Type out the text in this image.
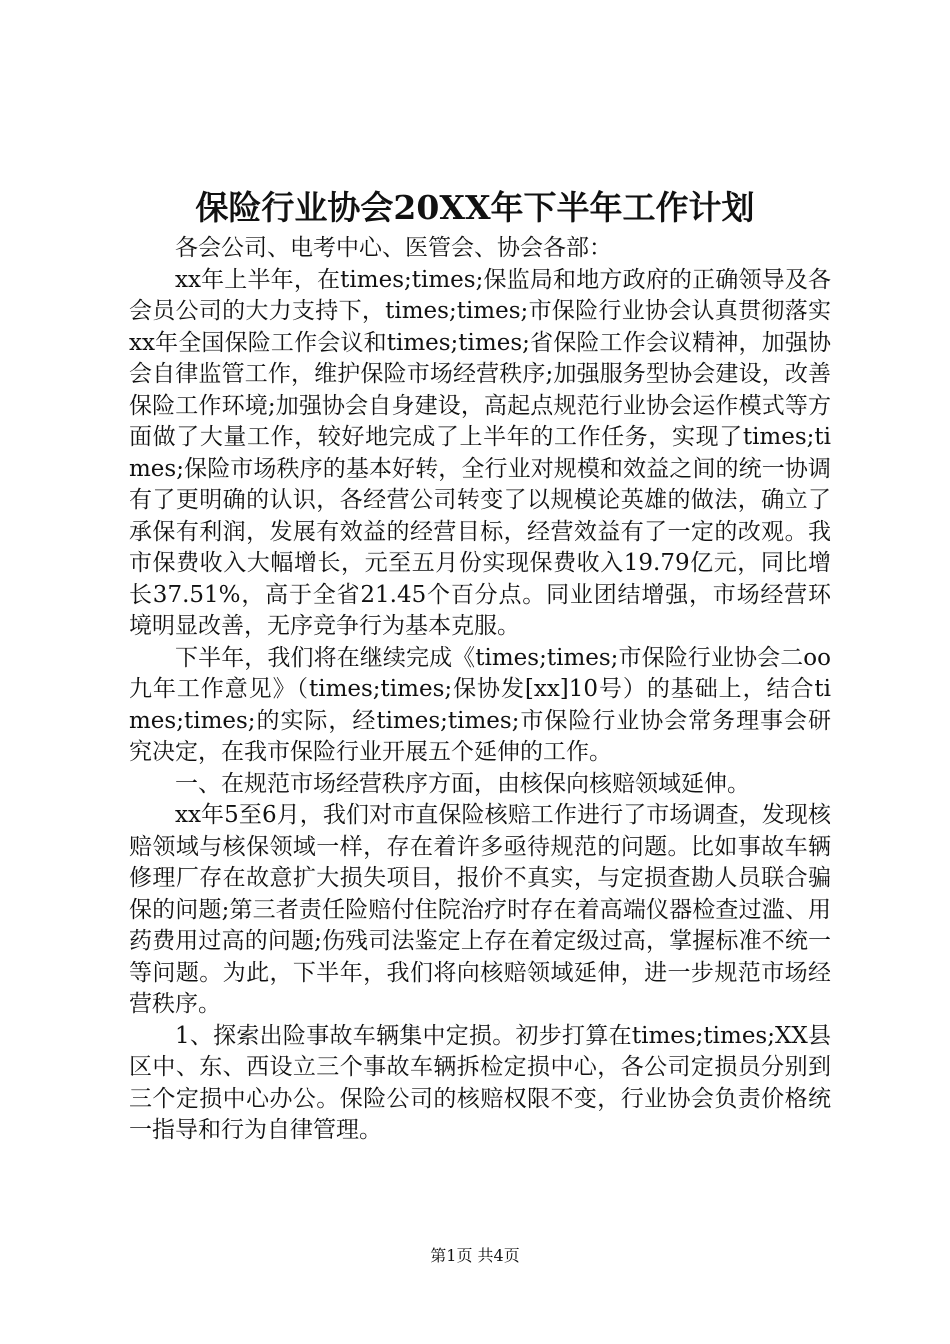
保险行业协会20XX年下半年工作计划

各会公司、电考中心、医管会、协会各部：

xx年上半年，在times;times;保监局和地方政府的正确领导及各会员公司的大力支持下，times;times;市保险行业协会认真贯彻落实xx年全国保险工作会议和times;times;省保险工作会议精神，加强协会自律监管工作，维护保险市场经营秩序;加强服务型协会建设，改善保险工作环境;加强协会自身建设，高起点规范行业协会运作模式等方面做了大量工作，较好地完成了上半年的工作任务，实现了times;times;保险市场秩序的基本好转，全行业对规模和效益之间的统一协调有了更明确的认识，各经营公司转变了以规模论英雄的做法，确立了承保有利润，发展有效益的经营目标，经营效益有了一定的改观。我市保费收入大幅增长，元至五月份实现保费收入19.79亿元，同比增长37.51%，高于全省21.45个百分点。同业团结增强，市场经营环境明显改善，无序竞争行为基本克服。

下半年，我们将在继续完成《times;times;市保险行业协会二oo九年工作意见》（times;times;保协发[xx]10号）的基础上，结合times;times;的实际，经times;times;市保险行业协会常务理事会研究决定，在我市保险行业开展五个延伸的工作。

一、在规范市场经营秩序方面，由核保向核赔领域延伸。

xx年5至6月，我们对市直保险核赔工作进行了市场调查，发现核赔领域与核保领域一样，存在着许多亟待规范的问题。比如事故车辆修理厂存在故意扩大损失项目，报价不真实，与定损查勘人员联合骗保的问题;第三者责任险赔付住院治疗时存在着高端仪器检查过滥、用药费用过高的问题;伤残司法鉴定上存在着定级过高，掌握标准不统一等问题。为此，下半年，我们将向核赔领域延伸，进一步规范市场经营秩序。

1、探索出险事故车辆集中定损。初步打算在times;times;XX县区中、东、西设立三个事故车辆拆检定损中心，各公司定损员分别到三个定损中心办公。保险公司的核赔权限不变，行业协会负责价格统一指导和行为自律管理。

第1页 共4页
